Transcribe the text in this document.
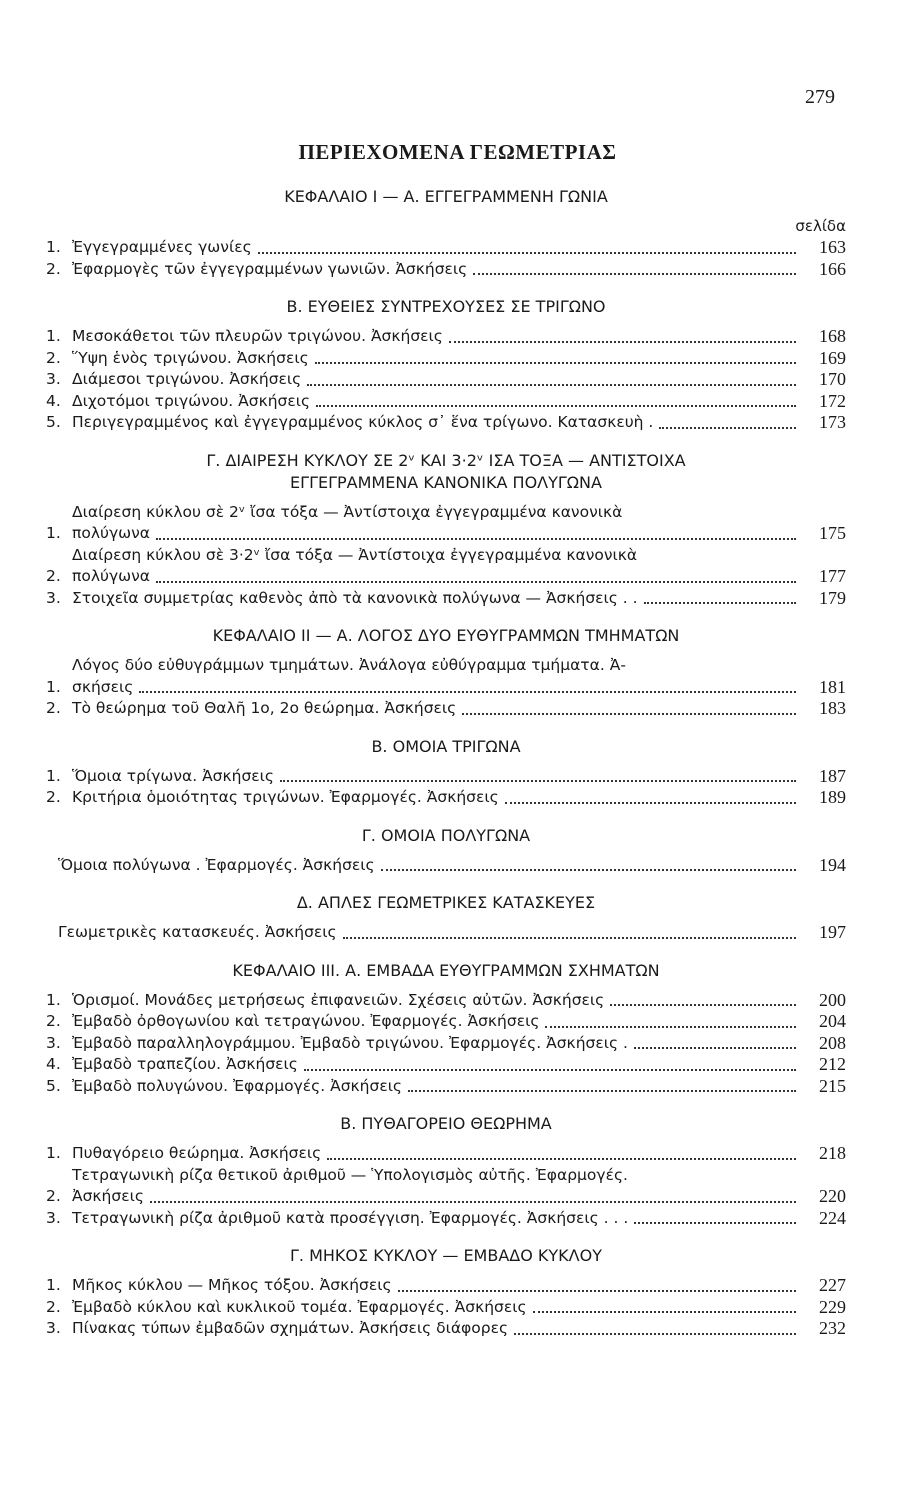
279
ΠΕΡΙΕΧΟΜΕΝΑ ΓΕΩΜΕΤΡΙΑΣ
ΚΕΦΑΛΑΙΟ Ι — Α. ΕΓΓΕΓΡΑΜΜΕΝΗ ΓΩΝΙΑ
σελίδα
1. Ἐγγεγραμμένες γωνίες	163
2. Ἐφαρμογὲς τῶν ἐγγεγραμμένων γωνιῶν. Ἀσκήσεις	166
Β. ΕΥΘΕΙΕΣ ΣΥΝΤΡΕΧΟΥΣΕΣ ΣΕ ΤΡΙΓΩΝΟ
1. Μεσοκάθετοι τῶν πλευρῶν τριγώνου. Ἀσκήσεις	168
2. Ὕψη ἑνὸς τριγώνου. Ἀσκήσεις	169
3. Διάμεσοι τριγώνου. Ἀσκήσεις	170
4. Διχοτόμοι τριγώνου. Ἀσκήσεις	172
5. Περιγεγραμμένος καὶ ἐγγεγραμμένος κύκλος σ᾽ ἕνα τρίγωνο. Κατασκευὴ .	173
Γ. ΔΙΑΙΡΕΣΗ ΚΥΚΛΟΥ ΣΕ 2ᵛ ΚΑΙ 3·2ᵛ ΙΣΑ ΤΟΞΑ — ΑΝΤΙΣΤΟΙΧΑ
ΕΓΓΕΓΡΑΜΜΕΝΑ ΚΑΝΟΝΙΚΑ ΠΟΛΥΓΩΝΑ
1.
Διαίρεση κύκλου σὲ 2ᵛ ἴσα τόξα — Ἀντίστοιχα ἐγγεγραμμένα κανονικὰ
πολύγωνα	175
2.
Διαίρεση κύκλου σὲ 3·2ᵛ ἴσα τόξα — Ἀντίστοιχα ἐγγεγραμμένα κανονικὰ
πολύγωνα	177
3. Στοιχεῖα συμμετρίας καθενὸς ἀπὸ τὰ κανονικὰ πολύγωνα — Ἀσκήσεις . .	179
ΚΕΦΑΛΑΙΟ ΙΙ — Α. ΛΟΓΟΣ ΔΥΟ ΕΥΘΥΓΡΑΜΜΩΝ ΤΜΗΜΑΤΩΝ
1.
Λόγος δύο εὐθυγράμμων τμημάτων. Ἀνάλογα εὐθύγραμμα τμήματα. Ἀ-
σκήσεις	181
2. Τὸ θεώρημα τοῦ Θαλῆ 1ο, 2ο θεώρημα. Ἀσκήσεις	183
Β. ΟΜΟΙΑ ΤΡΙΓΩΝΑ
1. Ὅμοια τρίγωνα. Ἀσκήσεις	187
2. Κριτήρια ὁμοιότητας τριγώνων. Ἐφαρμογές. Ἀσκήσεις	189
Γ. ΟΜΟΙΑ ΠΟΛΥΓΩΝΑ
Ὅμοια πολύγωνα . Ἐφαρμογές. Ἀσκήσεις	194
Δ. ΑΠΛΕΣ ΓΕΩΜΕΤΡΙΚΕΣ ΚΑΤΑΣΚΕΥΕΣ
Γεωμετρικὲς κατασκευές. Ἀσκήσεις	197
ΚΕΦΑΛΑΙΟ ΙΙΙ. Α. ΕΜΒΑΔΑ ΕΥΘΥΓΡΑΜΜΩΝ ΣΧΗΜΑΤΩΝ
1. Ὁρισμοί. Μονάδες μετρήσεως ἐπιφανειῶν. Σχέσεις αὐτῶν. Ἀσκήσεις	200
2. Ἐμβαδὸ ὀρθογωνίου καὶ τετραγώνου. Ἐφαρμογές. Ἀσκήσεις	204
3. Ἐμβαδὸ παραλληλογράμμου. Ἐμβαδὸ τριγώνου. Ἐφαρμογές. Ἀσκήσεις .	208
4. Ἐμβαδὸ τραπεζίου. Ἀσκήσεις	212
5. Ἐμβαδὸ πολυγώνου. Ἐφαρμογές. Ἀσκήσεις	215
Β. ΠΥΘΑΓΟΡΕΙΟ ΘΕΩΡΗΜΑ
1. Πυθαγόρειο θεώρημα. Ἀσκήσεις	218
2.
Τετραγωνικὴ ρίζα θετικοῦ ἀριθμοῦ — Ὑπολογισμὸς αὐτῆς. Ἐφαρμογές.
Ἀσκήσεις	220
3. Τετραγωνικὴ ρίζα ἀριθμοῦ κατὰ προσέγγιση. Ἐφαρμογές. Ἀσκήσεις . . .	224
Γ. ΜΗΚΟΣ ΚΥΚΛΟΥ — ΕΜΒΑΔΟ ΚΥΚΛΟΥ
1. Μῆκος κύκλου — Μῆκος τόξου. Ἀσκήσεις	227
2. Ἐμβαδὸ κύκλου καὶ κυκλικοῦ τομέα. Ἐφαρμογές. Ἀσκήσεις	229
3. Πίνακας τύπων ἐμβαδῶν σχημάτων. Ἀσκήσεις διάφορες	232
